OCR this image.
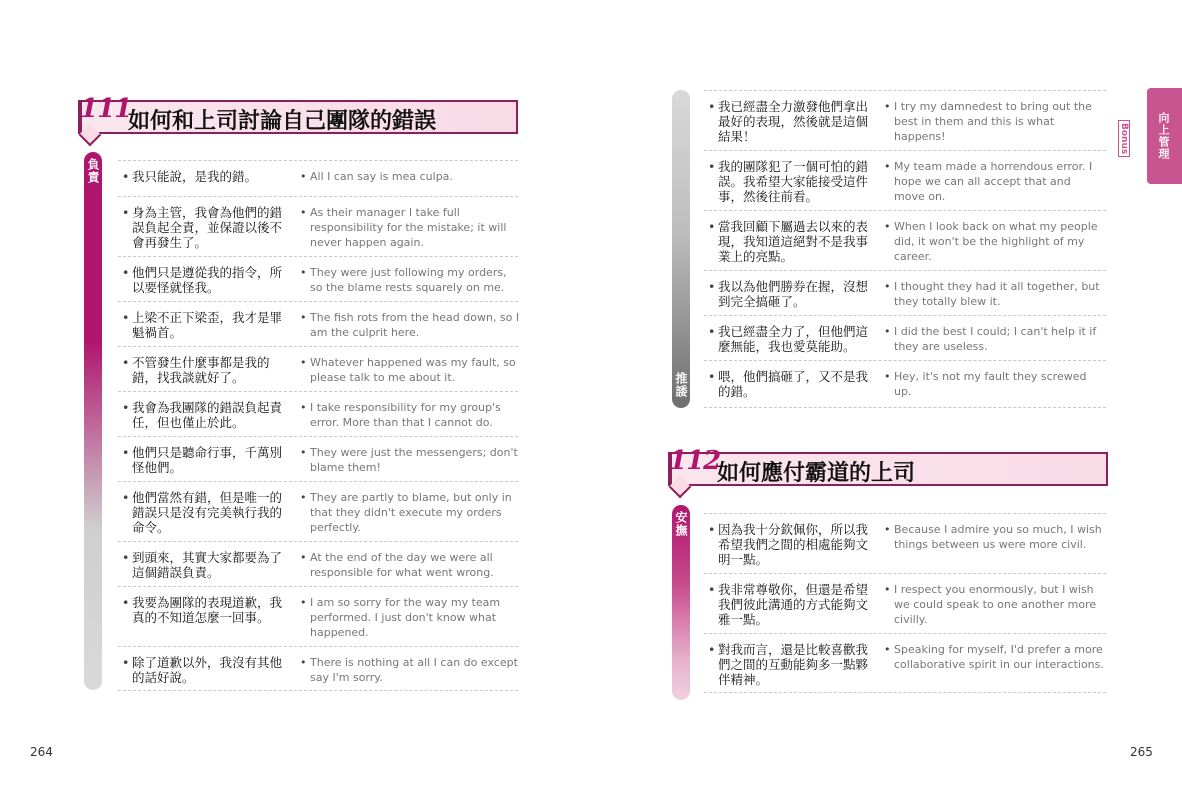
111
如何和上司討論自己團隊的錯誤
負責	• 我只能說，是我的錯。	• All I can say is mea culpa.
• 身為主管，我會為他們的錯誤負起全責，並保證以後不會再發生了。
• As their manager I take full responsibility for the mistake; it will never happen again.
• 他們只是遵從我的指令，所以要怪就怪我。
• They were just following my orders, so the blame rests squarely on me.
• 上梁不正下梁歪，我才是罪魁禍首。
• The fish rots from the head down, so I am the culprit here.
• 不管發生什麼事都是我的錯，找我談就好了。
• Whatever happened was my fault, so please talk to me about it.
• 我會為我團隊的錯誤負起責任，但也僅止於此。
• I take responsibility for my group's error. More than that I cannot do.
• 他們只是聽命行事，千萬別怪他們。
• They were just the messengers; don't blame them!
• 他們當然有錯，但是唯一的錯誤只是沒有完美執行我的命令。
• They are partly to blame, but only in that they didn't execute my orders perfectly.
• 到頭來，其實大家都要為了這個錯誤負責。
• At the end of the day we were all responsible for what went wrong.
• 我要為團隊的表現道歉，我真的不知道怎麼一回事。
• I am so sorry for the way my team performed. I just don't know what happened.
• 除了道歉以外，我沒有其他的話好說。
• There is nothing at all I can do except say I'm sorry.
264
推諉
• 我已經盡全力激發他們拿出最好的表現，然後就是這個結果！
• I try my damnedest to bring out the best in them and this is what happens!
• 我的團隊犯了一個可怕的錯誤。我希望大家能接受這件事，然後往前看。
• My team made a horrendous error. I hope we can all accept that and move on.
• 當我回顧下屬過去以來的表現，我知道這絕對不是我事業上的亮點。
• When I look back on what my people did, it won't be the highlight of my career.
• 我以為他們勝券在握，沒想到完全搞砸了。
• I thought they had it all together, but they totally blew it.
• 我已經盡全力了，但他們這麼無能，我也愛莫能助。
• I did the best I could; I can't help it if they are useless.
• 喂，他們搞砸了，又不是我的錯。
• Hey, it's not my fault they screwed up.
112
如何應付霸道的上司
安撫 • 因為我十分欽佩你，所以我希望我們之間的相處能夠文明一點。
• Because I admire you so much, I wish things between us were more civil.
• 我非常尊敬你，但還是希望我們彼此溝通的方式能夠文雅一點。
• I respect you enormously, but I wish we could speak to one another more civilly.
• 對我而言，還是比較喜歡我們之間的互動能夠多一點夥伴精神。
• Speaking for myself, I'd prefer a more collaborative spirit in our interactions.
265
向上管理
Bonus
